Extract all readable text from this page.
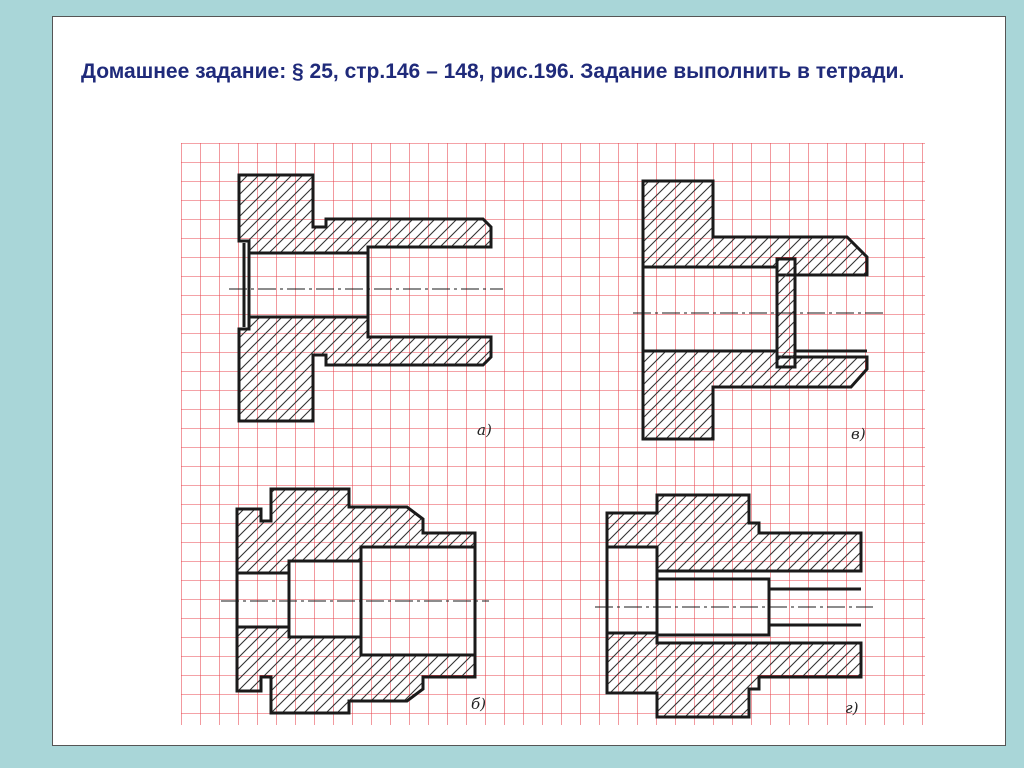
Домашнее задание: § 25, стр.146 – 148, рис.196. Задание выполнить в тетради.

а)	в)
б)	г)
